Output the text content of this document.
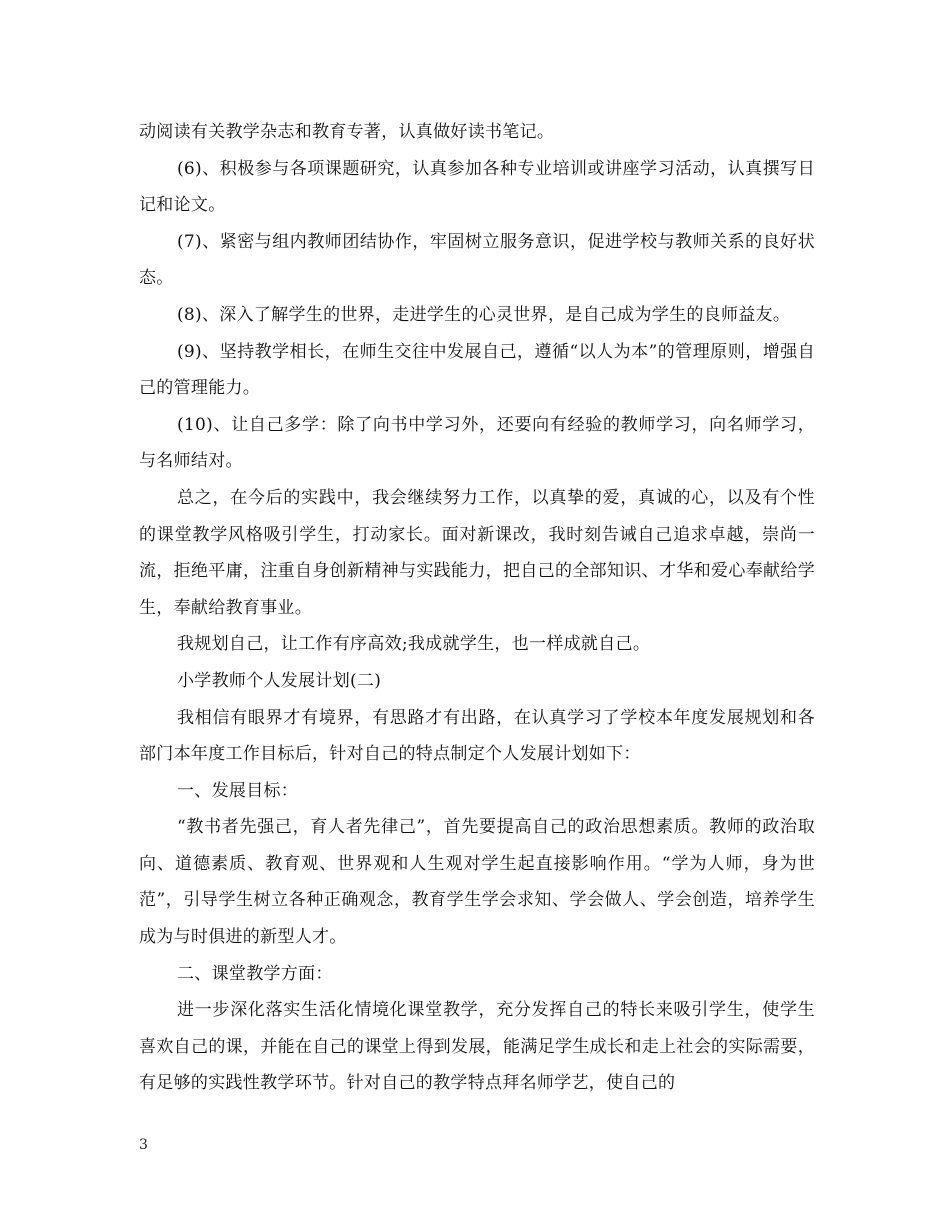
动阅读有关教学杂志和教育专著，认真做好读书笔记。

(6)、积极参与各项课题研究，认真参加各种专业培训或讲座学习活动，认真撰写日记和论文。

(7)、紧密与组内教师团结协作，牢固树立服务意识，促进学校与教师关系的良好状态。

(8)、深入了解学生的世界，走进学生的心灵世界，是自己成为学生的良师益友。

(9)、坚持教学相长，在师生交往中发展自己，遵循“以人为本”的管理原则，增强自己的管理能力。

(10)、让自己多学：除了向书中学习外，还要向有经验的教师学习，向名师学习，与名师结对。

总之，在今后的实践中，我会继续努力工作，以真挚的爱，真诚的心，以及有个性的课堂教学风格吸引学生，打动家长。面对新课改，我时刻告诫自己追求卓越，崇尚一流，拒绝平庸，注重自身创新精神与实践能力，把自己的全部知识、才华和爱心奉献给学生，奉献给教育事业。

我规划自己，让工作有序高效;我成就学生，也一样成就自己。

小学教师个人发展计划(二)

我相信有眼界才有境界，有思路才有出路，在认真学习了学校本年度发展规划和各部门本年度工作目标后，针对自己的特点制定个人发展计划如下：

一、发展目标：

“教书者先强己，育人者先律己”，首先要提高自己的政治思想素质。教师的政治取向、道德素质、教育观、世界观和人生观对学生起直接影响作用。“学为人师，身为世范”，引导学生树立各种正确观念，教育学生学会求知、学会做人、学会创造，培养学生成为与时俱进的新型人才。

二、课堂教学方面：

进一步深化落实生活化情境化课堂教学，充分发挥自己的特长来吸引学生，使学生喜欢自己的课，并能在自己的课堂上得到发展，能满足学生成长和走上社会的实际需要，有足够的实践性教学环节。针对自己的教学特点拜名师学艺，使自己的

3
